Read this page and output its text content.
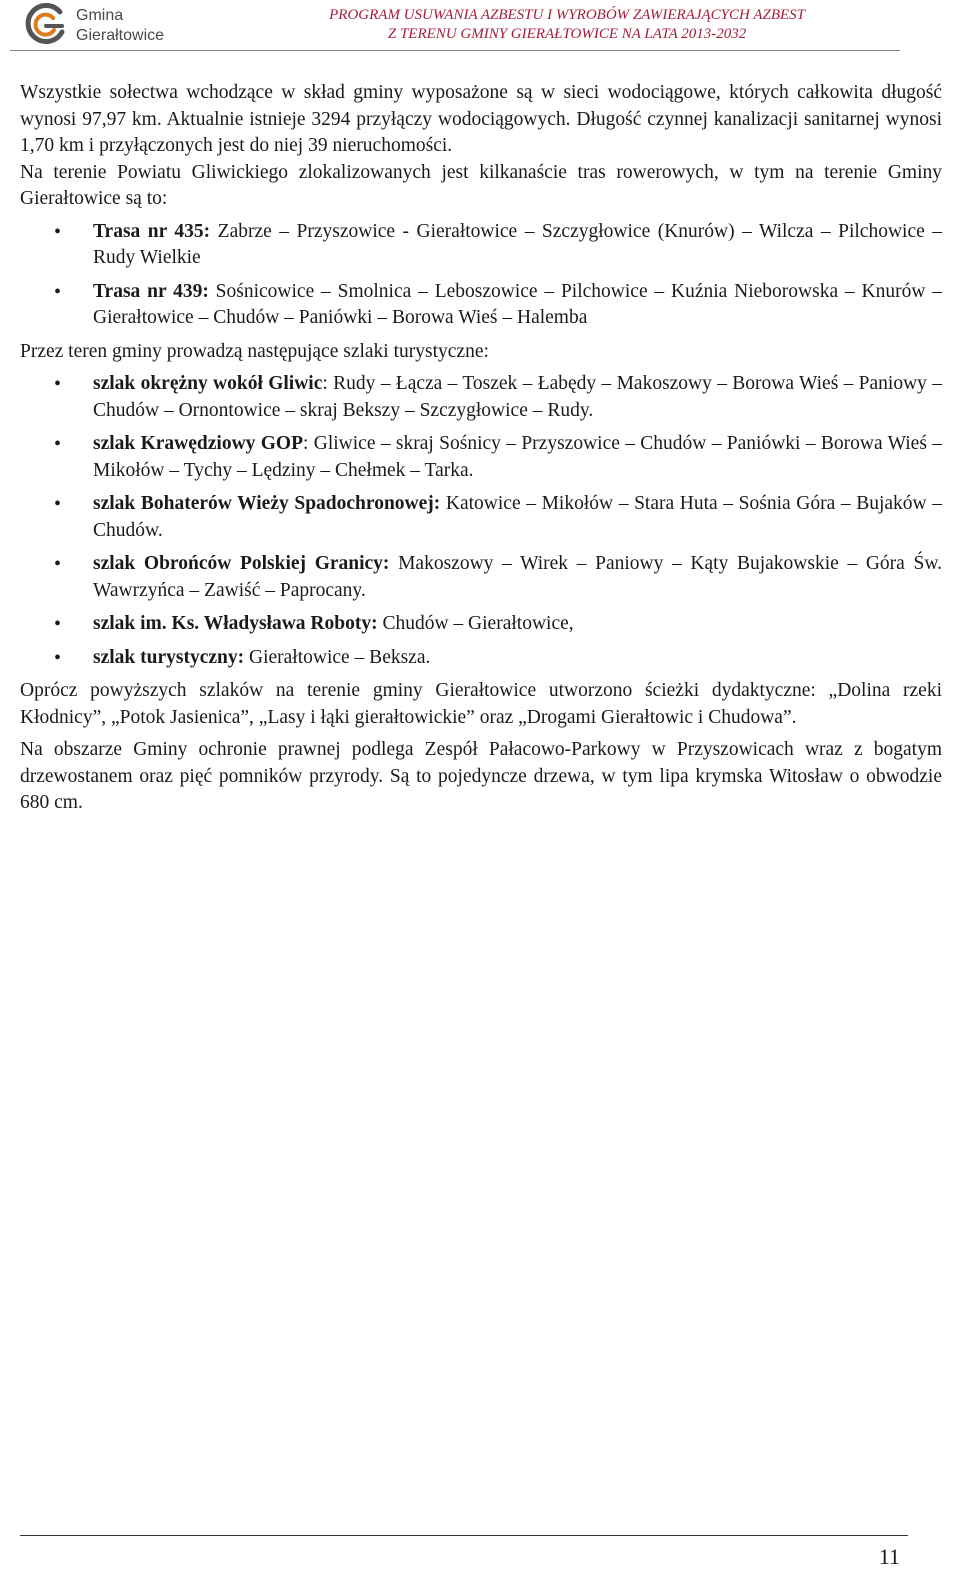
Gmina
Gierałtowice
PROGRAM USUWANIA AZBESTU I WYROBÓW ZAWIERAJĄCYCH AZBEST
Z TERENU GMINY GIERAŁTOWICE NA LATA 2013-2032

Wszystkie sołectwa wchodzące w skład gminy wyposażone są w sieci wodociągowe, których całkowita długość wynosi 97,97 km. Aktualnie istnieje 3294 przyłączy wodociągowych. Długość czynnej kanalizacji sanitarnej wynosi 1,70 km i przyłączonych jest do niej 39 nieruchomości.

Na terenie Powiatu Gliwickiego zlokalizowanych jest kilkanaście tras rowerowych, w tym na terenie Gminy Gierałtowice są to:

• Trasa nr 435: Zabrze – Przyszowice - Gierałtowice – Szczygłowice (Knurów) – Wilcza – Pilchowice – Rudy Wielkie
• Trasa nr 439: Sośnicowice – Smolnica – Leboszowice – Pilchowice – Kuźnia Nieborowska – Knurów – Gierałtowice – Chudów – Paniówki – Borowa Wieś – Halemba

Przez teren gminy prowadzą następujące szlaki turystyczne:

• szlak okrężny wokół Gliwic: Rudy – Łącza – Toszek – Łabędy – Makoszowy – Borowa Wieś – Paniowy – Chudów – Ornontowice – skraj Bekszy – Szczygłowice – Rudy.
• szlak Krawędziowy GOP: Gliwice – skraj Sośnicy – Przyszowice – Chudów – Paniówki – Borowa Wieś – Mikołów – Tychy – Lędziny – Chełmek – Tarka.
• szlak Bohaterów Wieży Spadochronowej: Katowice – Mikołów – Stara Huta – Sośnia Góra – Bujaków – Chudów.
• szlak Obrońców Polskiej Granicy: Makoszowy – Wirek – Paniowy – Kąty Bujakowskie – Góra Św. Wawrzyńca – Zawiść – Paprocany.
• szlak im. Ks. Władysława Roboty: Chudów – Gierałtowice,
• szlak turystyczny: Gierałtowice – Beksza.

Oprócz powyższych szlaków na terenie gminy Gierałtowice utworzono ścieżki dydaktyczne: „Dolina rzeki Kłodnicy”, „Potok Jasienica”, „Lasy i łąki gierałtowickie” oraz „Drogami Gierałtowic i Chudowa”.

Na obszarze Gminy ochronie prawnej podlega Zespół Pałacowo-Parkowy w Przyszowicach wraz z bogatym drzewostanem oraz pięć pomników przyrody. Są to pojedyncze drzewa, w tym lipa krymska Witosław o obwodzie 680 cm.

11
